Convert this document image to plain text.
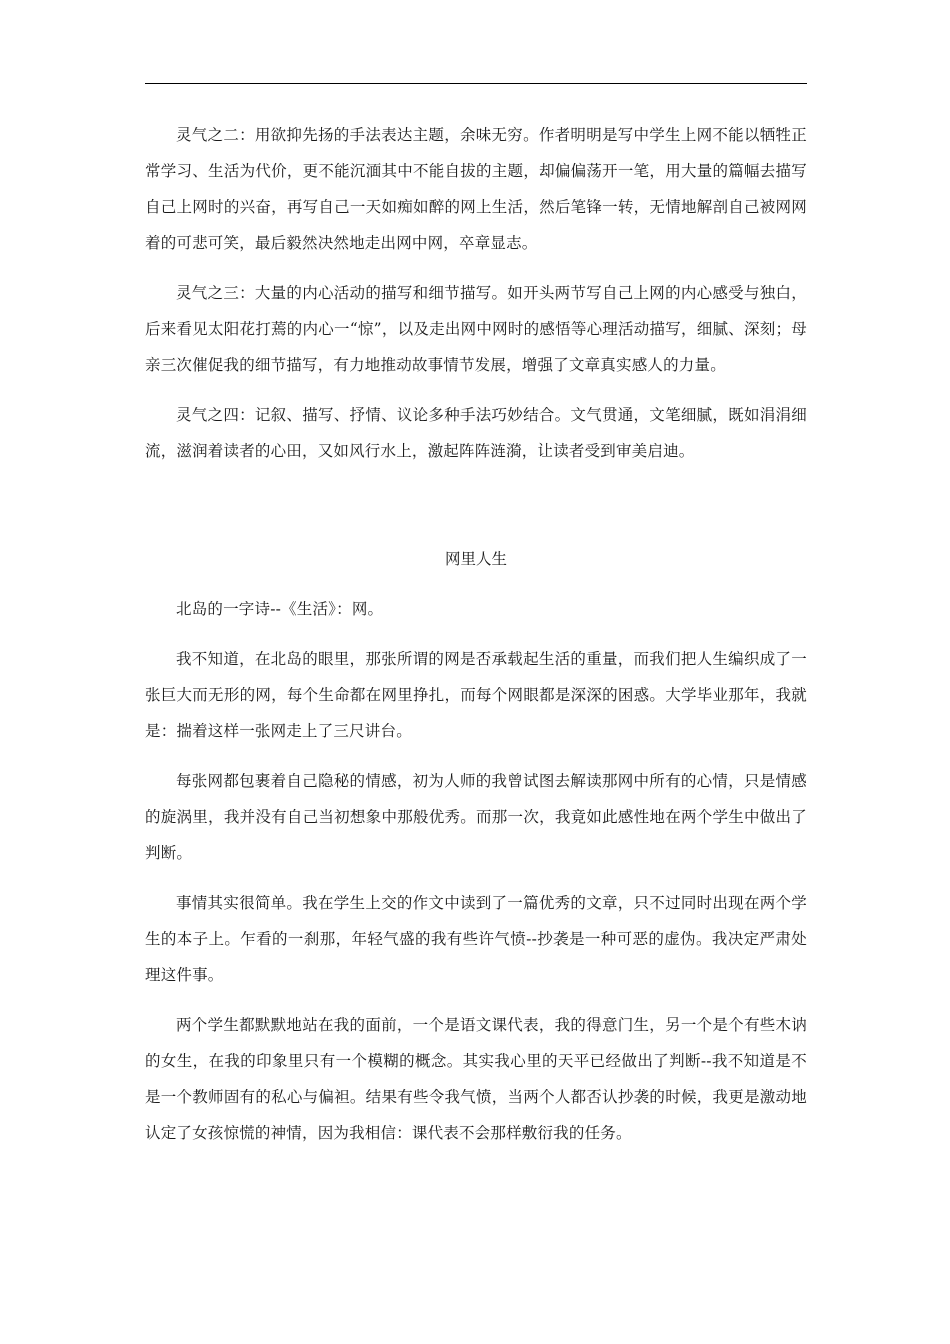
灵气之二：用欲抑先扬的手法表达主题，余味无穷。作者明明是写中学生上网不能以牺牲正常学习、生活为代价，更不能沉湎其中不能自拔的主题，却偏偏荡开一笔，用大量的篇幅去描写自己上网时的兴奋，再写自己一天如痴如醉的网上生活，然后笔锋一转，无情地解剖自己被网网着的可悲可笑，最后毅然决然地走出网中网，卒章显志。

灵气之三：大量的内心活动的描写和细节描写。如开头两节写自己上网的内心感受与独白，后来看见太阳花打蔫的内心一“惊”，以及走出网中网时的感悟等心理活动描写，细腻、深刻；母亲三次催促我的细节描写，有力地推动故事情节发展，增强了文章真实感人的力量。

灵气之四：记叙、描写、抒情、议论多种手法巧妙结合。文气贯通，文笔细腻，既如涓涓细流，滋润着读者的心田，又如风行水上，激起阵阵涟漪，让读者受到审美启迪。

网里人生

北岛的一字诗--《生活》：网。

我不知道，在北岛的眼里，那张所谓的网是否承载起生活的重量，而我们把人生编织成了一张巨大而无形的网，每个生命都在网里挣扎，而每个网眼都是深深的困惑。大学毕业那年，我就是：揣着这样一张网走上了三尺讲台。

每张网都包裹着自己隐秘的情感，初为人师的我曾试图去解读那网中所有的心情，只是情感的旋涡里，我并没有自己当初想象中那般优秀。而那一次，我竟如此感性地在两个学生中做出了判断。

事情其实很简单。我在学生上交的作文中读到了一篇优秀的文章，只不过同时出现在两个学生的本子上。乍看的一刹那，年轻气盛的我有些许气愤--抄袭是一种可恶的虚伪。我决定严肃处理这件事。

两个学生都默默地站在我的面前，一个是语文课代表，我的得意门生，另一个是个有些木讷的女生，在我的印象里只有一个模糊的概念。其实我心里的天平已经做出了判断--我不知道是不是一个教师固有的私心与偏袒。结果有些令我气愤，当两个人都否认抄袭的时候，我更是激动地认定了女孩惊慌的神情，因为我相信：课代表不会那样敷衍我的任务。
